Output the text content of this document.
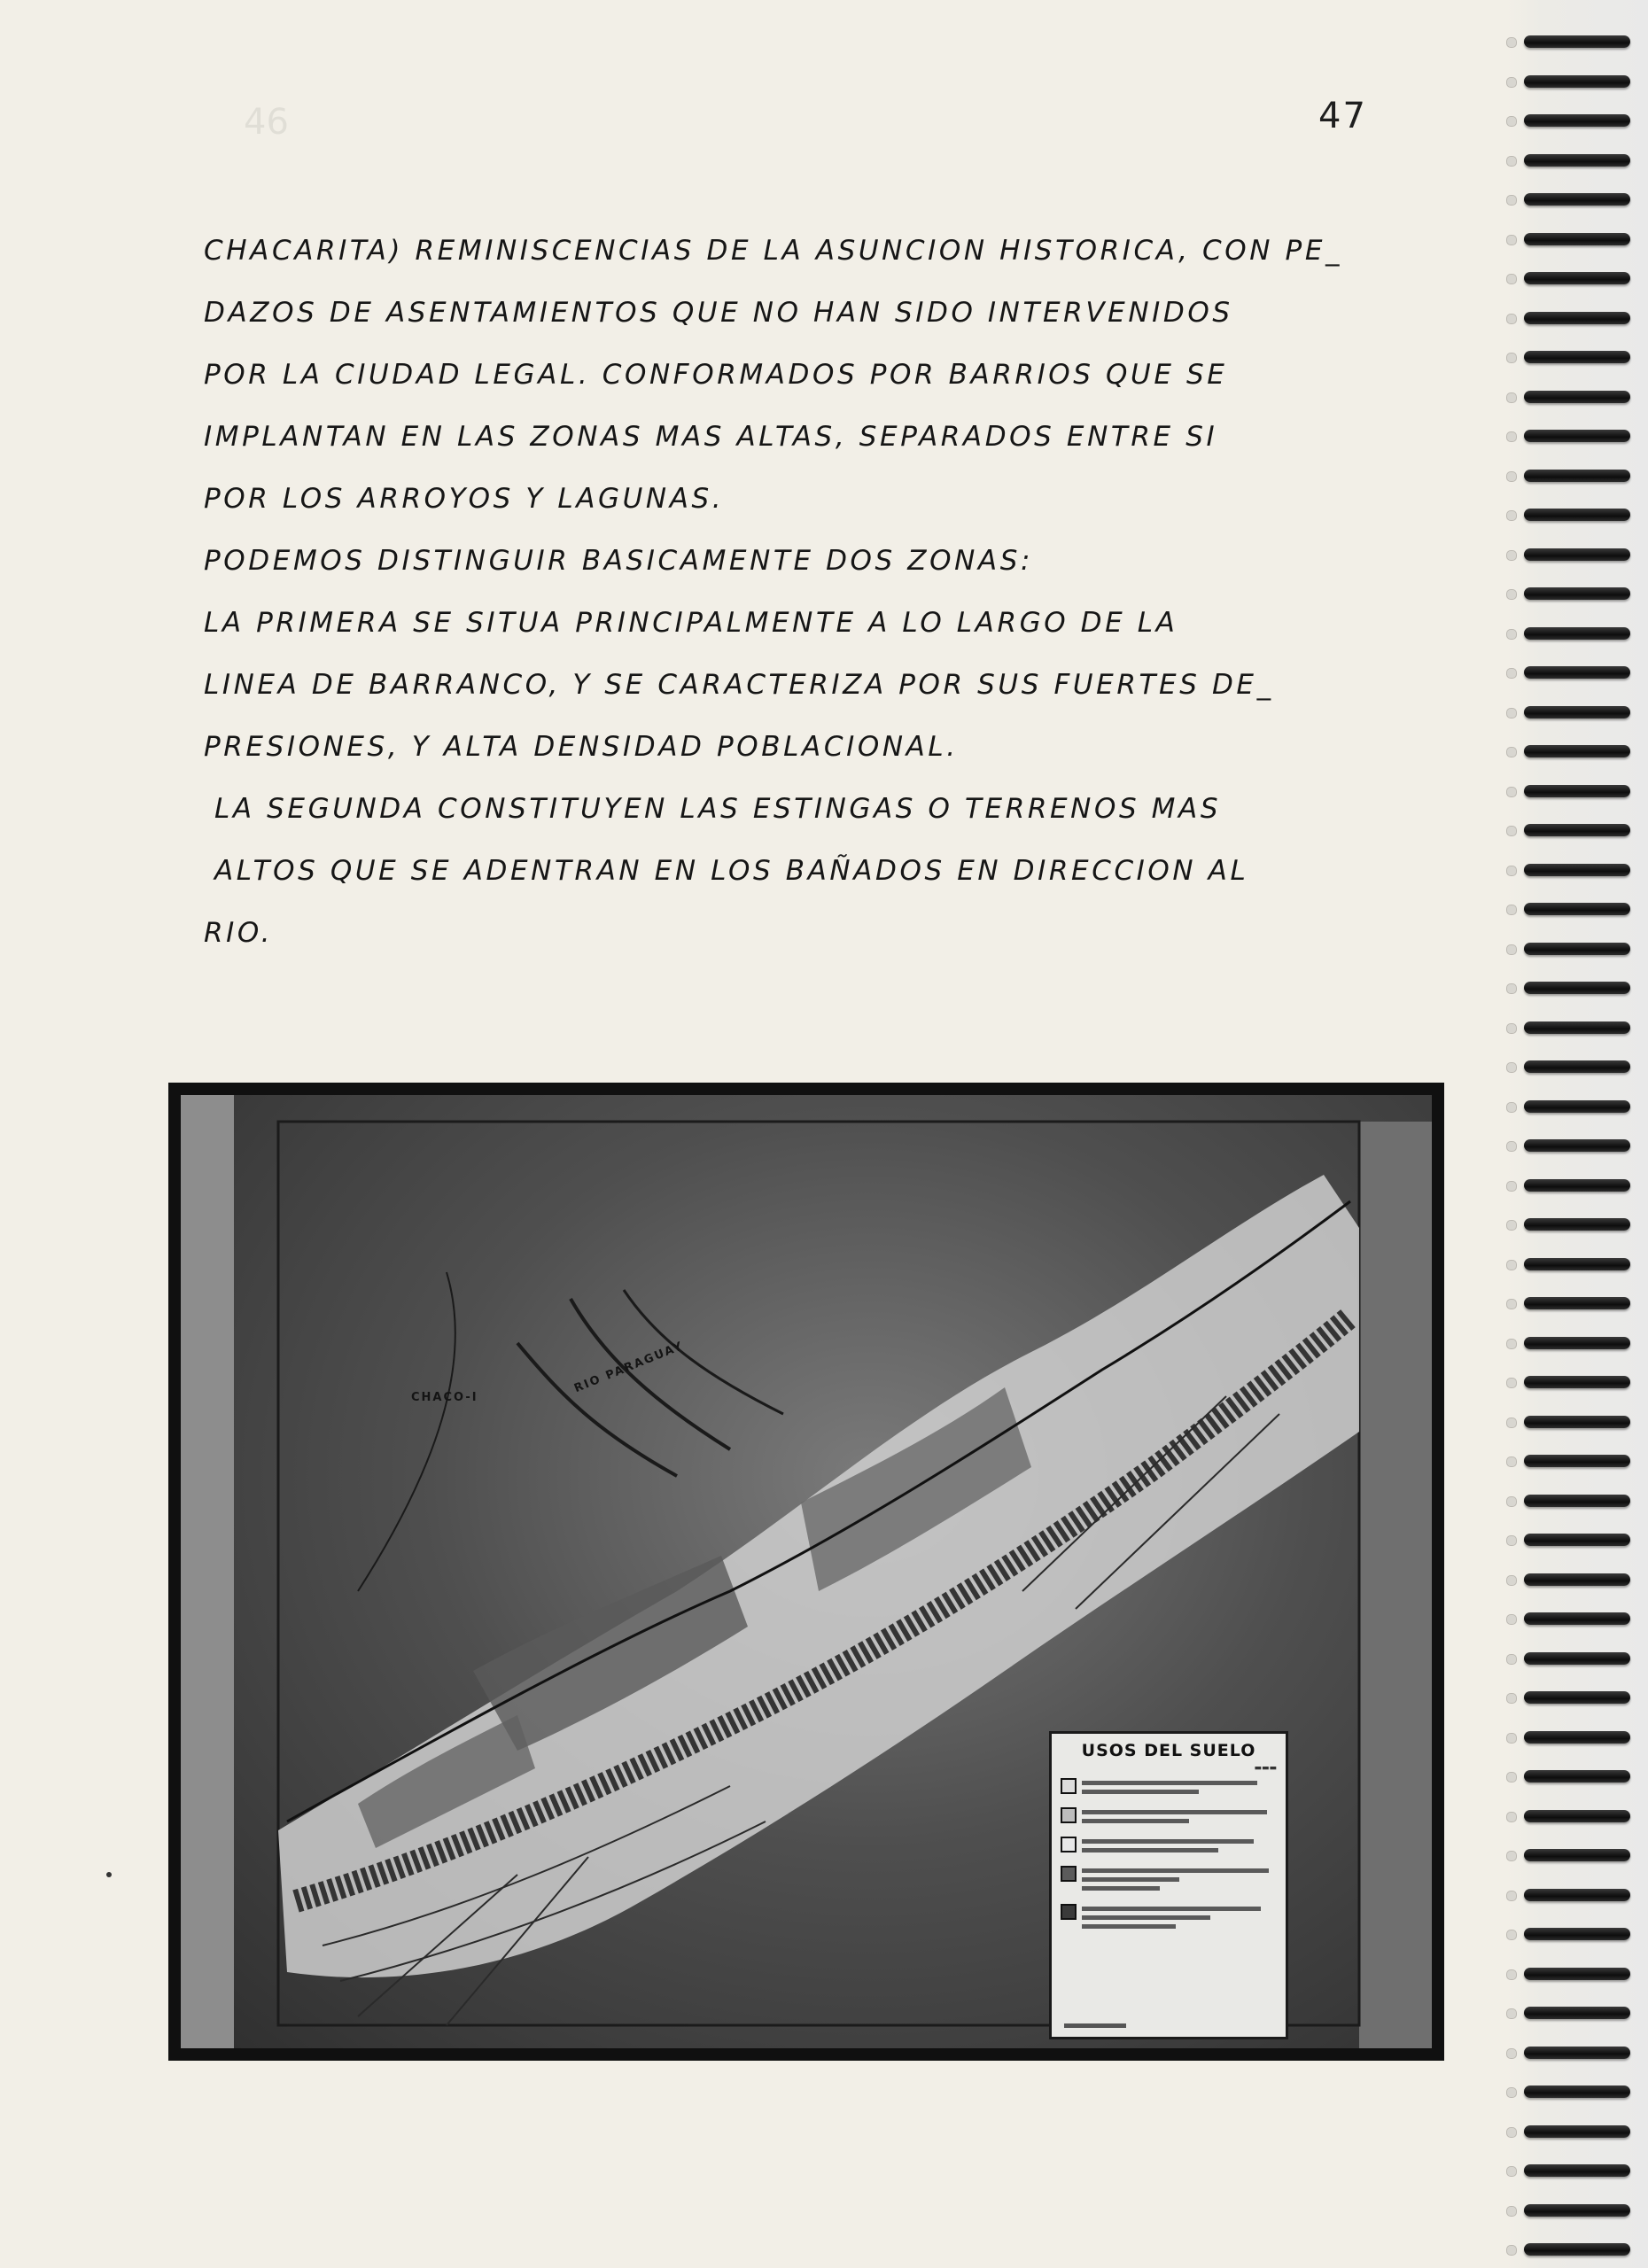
46	47
CHACARITA) REMINISCENCIAS DE LA ASUNCION HISTORICA, CON PE_
DAZOS DE ASENTAMIENTOS QUE NO HAN SIDO INTERVENIDOS
POR LA CIUDAD LEGAL. CONFORMADOS POR BARRIOS QUE SE
IMPLANTAN EN LAS ZONAS MAS ALTAS, SEPARADOS ENTRE SI
POR LOS ARROYOS Y LAGUNAS.
PODEMOS DISTINGUIR BASICAMENTE DOS ZONAS:
LA PRIMERA SE SITUA PRINCIPALMENTE A LO LARGO DE LA
LINEA DE BARRANCO, Y SE CARACTERIZA POR SUS FUERTES DE_
PRESIONES, Y ALTA DENSIDAD POBLACIONAL.
LA SEGUNDA CONSTITUYEN LAS ESTINGAS O TERRENOS MAS
ALTOS QUE SE ADENTRAN EN LOS BAÑADOS EN DIRECCION AL
RIO.
CHACO-I
RIO PARAGUAY
USOS DEL SUELO
▬▬▬
